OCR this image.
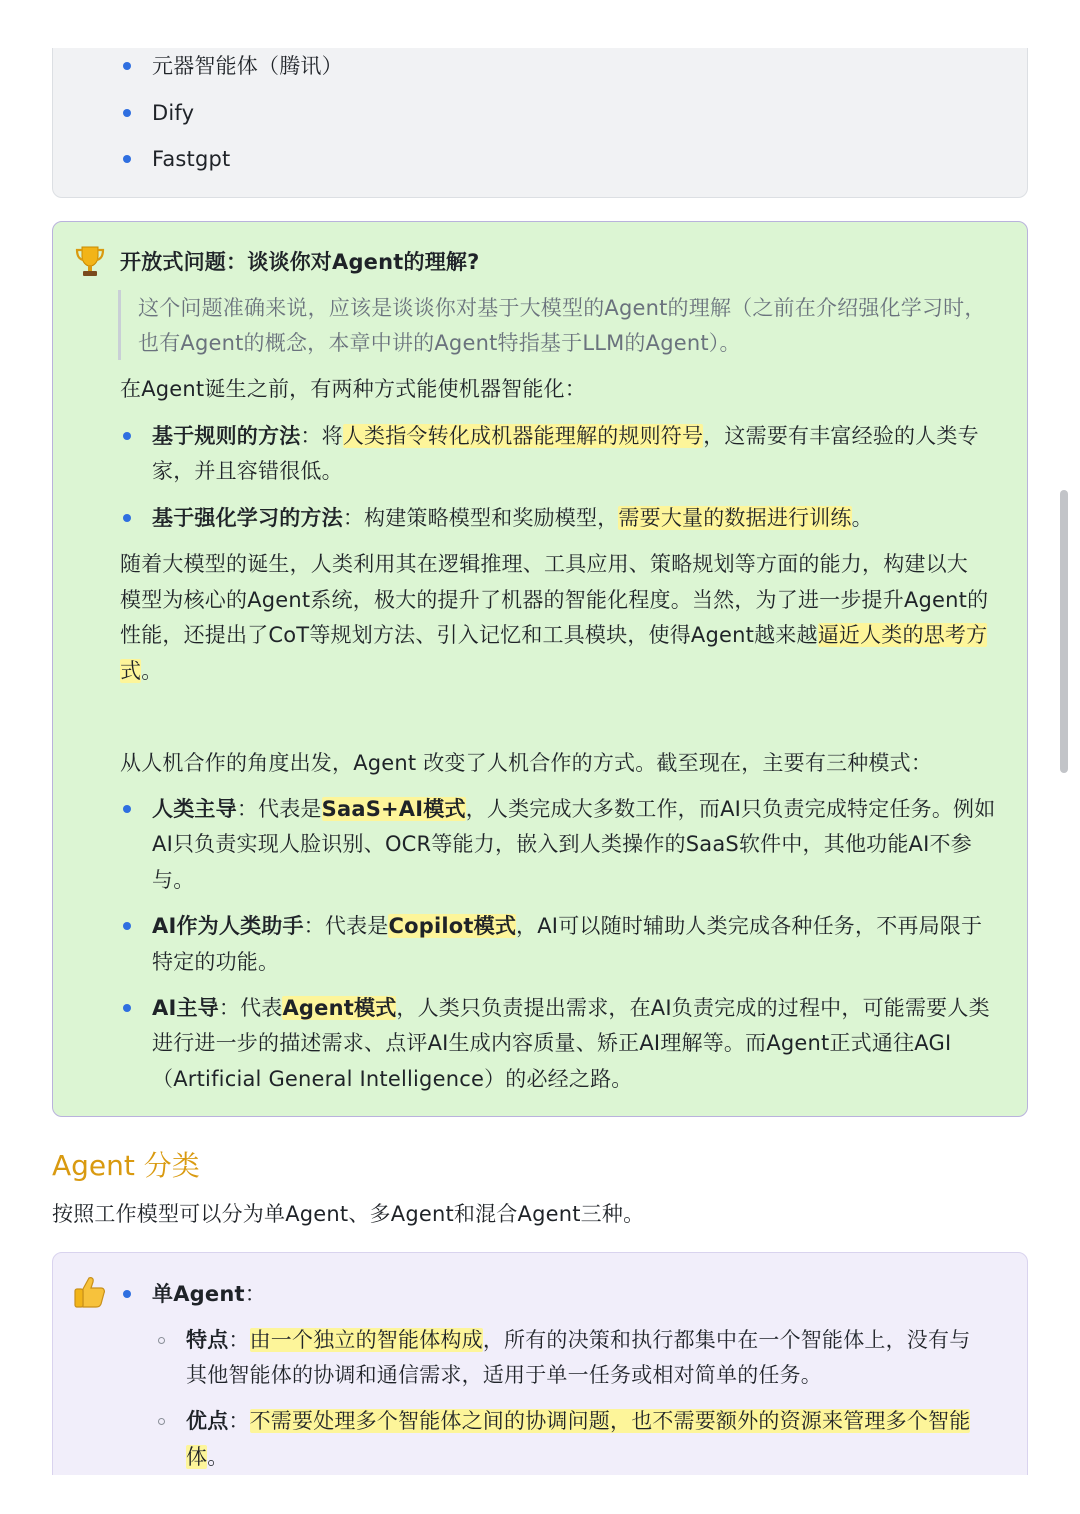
元器智能体（腾讯）
Dify
Fastgpt
开放式问题：谈谈你对Agent的理解?
这个问题准确来说，应该是谈谈你对基于大模型的Agent的理解（之前在介绍强化学习时，
也有Agent的概念，本章中讲的Agent特指基于LLM的Agent）。
在Agent诞生之前，有两种方式能使机器智能化：
基于规则的方法：将人类指令转化成机器能理解的规则符号，这需要有丰富经验的人类专
家，并且容错很低。
基于强化学习的方法：构建策略模型和奖励模型，需要大量的数据进行训练。
随着大模型的诞生，人类利用其在逻辑推理、工具应用、策略规划等方面的能力，构建以大
模型为核心的Agent系统，极大的提升了机器的智能化程度。当然，为了进一步提升Agent的
性能，还提出了CoT等规划方法、引入记忆和工具模块，使得Agent越来越逼近人类的思考方
式。
从人机合作的角度出发，Agent 改变了人机合作的方式。截至现在，主要有三种模式：
人类主导：代表是SaaS+AI模式，人类完成大多数工作，而AI只负责完成特定任务。例如
AI只负责实现人脸识别、OCR等能力，嵌入到人类操作的SaaS软件中，其他功能AI不参
与。
AI作为人类助手：代表是Copilot模式，AI可以随时辅助人类完成各种任务，不再局限于
特定的功能。
AI主导：代表Agent模式，人类只负责提出需求，在AI负责完成的过程中，可能需要人类
进行进一步的描述需求、点评AI生成内容质量、矫正AI理解等。而Agent正式通往AGI
（Artificial General Intelligence）的必经之路。
Agent 分类
按照工作模型可以分为单Agent、多Agent和混合Agent三种。
单Agent：
特点：由一个独立的智能体构成，所有的决策和执行都集中在一个智能体上，没有与
其他智能体的协调和通信需求，适用于单一任务或相对简单的任务。
优点：不需要处理多个智能体之间的协调问题，也不需要额外的资源来管理多个智能
体。
